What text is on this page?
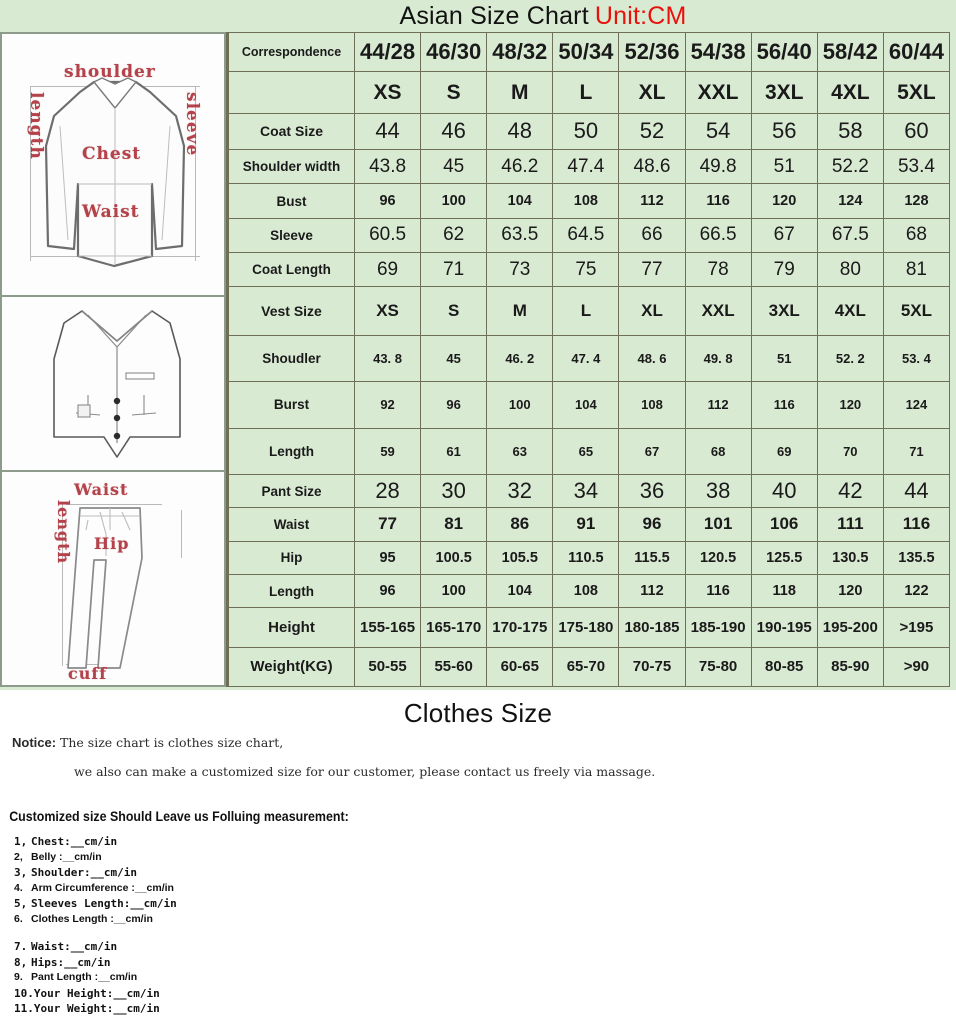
Asian Size Chart Unit:CM
shoulder
length	sleeve
Chest
Waist
Waist
length Hip
cuff
Correspondence	44/28	46/30	48/32	50/34	52/36	54/38	56/40	58/42	60/44
	XS	S	M	L	XL	XXL	3XL	4XL	5XL
Coat Size	44	46	48	50	52	54	56	58	60
Shoulder width	43.8	45	46.2	47.4	48.6	49.8	51	52.2	53.4
Bust	96	100	104	108	112	116	120	124	128
Sleeve	60.5	62	63.5	64.5	66	66.5	67	67.5	68
Coat Length	69	71	73	75	77	78	79	80	81
Vest Size	XS	S	M	L	XL	XXL	3XL	4XL	5XL
Shoudler	43. 8	45	46. 2	47. 4	48. 6	49. 8	51	52. 2	53. 4
Burst	92	96	100	104	108	112	116	120	124
Length	59	61	63	65	67	68	69	70	71
Pant Size	28	30	32	34	36	38	40	42	44
Waist	77	81	86	91	96	101	106	111	116
Hip	95	100.5	105.5	110.5	115.5	120.5	125.5	130.5	135.5
Length	96	100	104	108	112	116	118	120	122
Height	155-165	165-170	170-175	175-180	180-185	185-190	190-195	195-200	>195
Weight(KG)	50-55	55-60	60-65	65-70	70-75	75-80	80-85	85-90	>90
Clothes Size
Notice: The size chart is clothes size chart,
we also can make a customized size for our customer, please contact us freely via massage.
Customized size Should Leave us Folluing measurement:
1, Chest:__cm/in
2, Belly :__cm/in
3, Shoulder:__cm/in
4. Arm Circumference :__cm/in
5, Sleeves Length:__cm/in
6. Clothes Length :__cm/in
7. Waist:__cm/in
8, Hips:__cm/in
9. Pant Length :__cm/in
10.Your Height:__cm/in
11.Your Weight:__cm/in
